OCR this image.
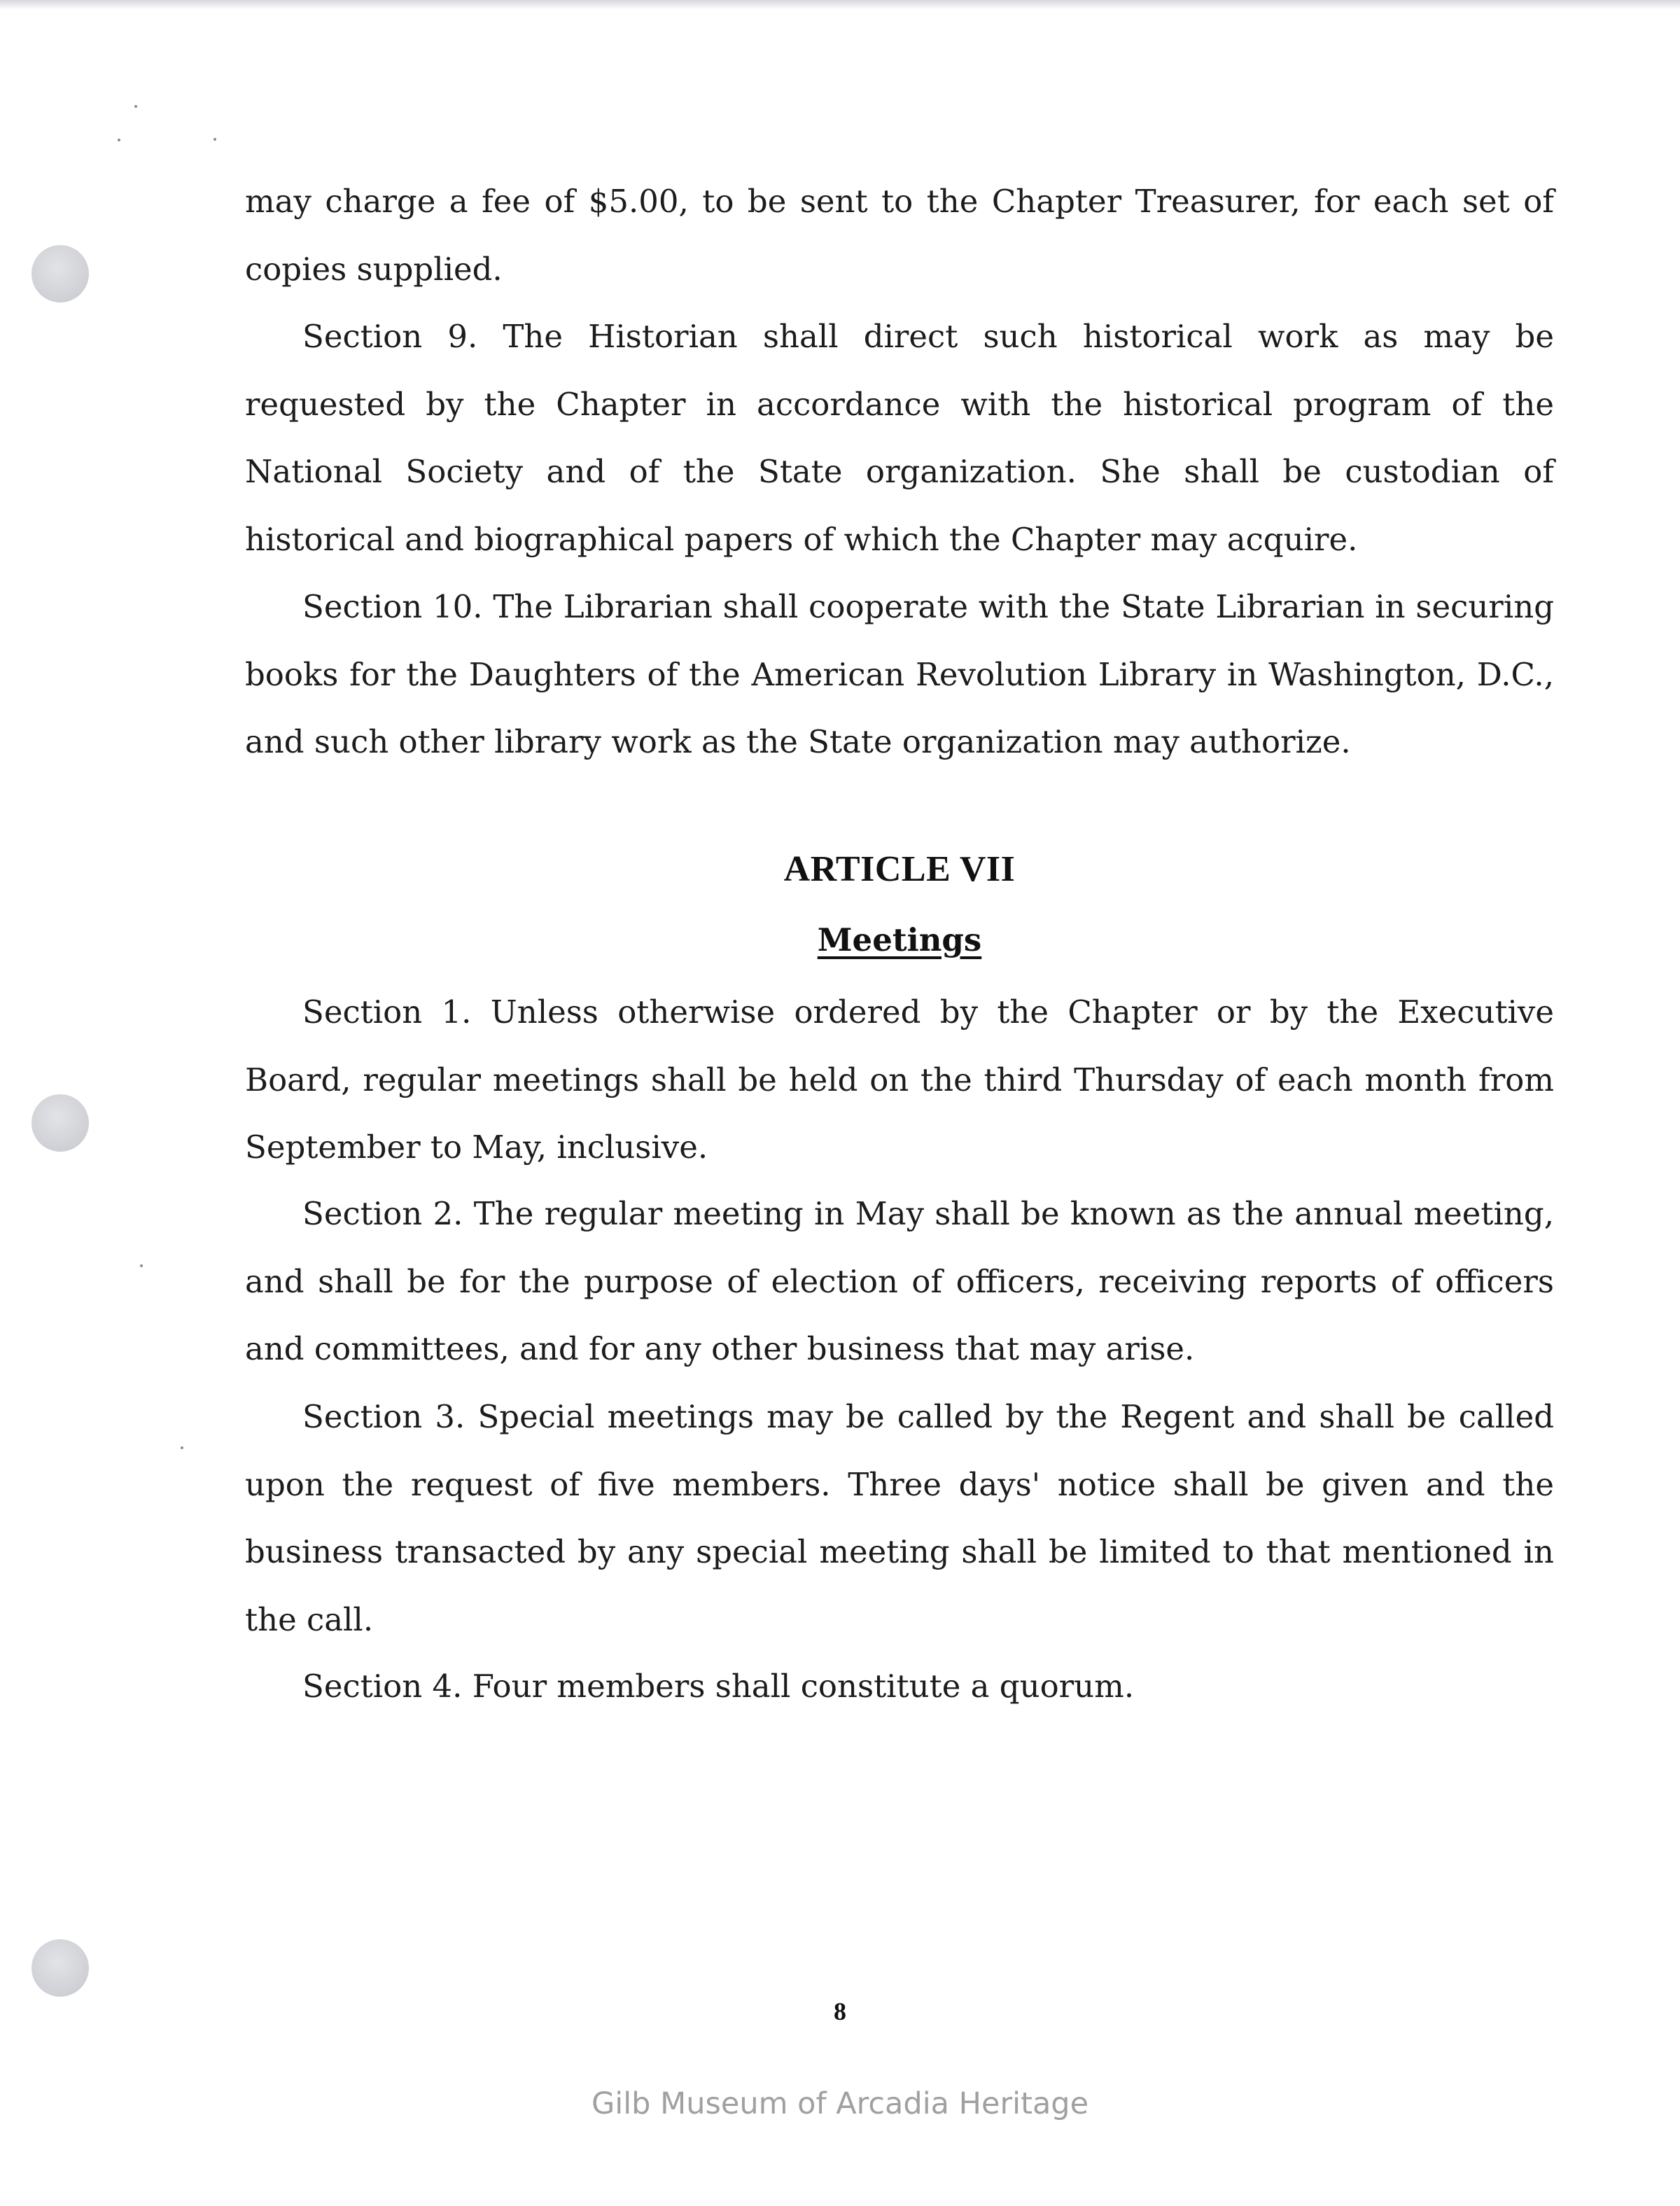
may charge a fee of $5.00, to be sent to the Chapter Treasurer, for each set of copies supplied.

Section 9. The Historian shall direct such historical work as may be requested by the Chapter in accordance with the historical program of the National Society and of the State organization. She shall be custodian of historical and biographical papers of which the Chapter may acquire.

Section 10. The Librarian shall cooperate with the State Librarian in securing books for the Daughters of the American Revolution Library in Washington, D.C., and such other library work as the State organization may authorize.

ARTICLE VII
Meetings

Section 1. Unless otherwise ordered by the Chapter or by the Executive Board, regular meetings shall be held on the third Thursday of each month from September to May, inclusive.

Section 2. The regular meeting in May shall be known as the annual meeting, and shall be for the purpose of election of officers, receiving reports of officers and committees, and for any other business that may arise.

Section 3. Special meetings may be called by the Regent and shall be called upon the request of five members. Three days' notice shall be given and the business transacted by any special meeting shall be limited to that mentioned in the call.

Section 4. Four members shall constitute a quorum.

8
Gilb Museum of Arcadia Heritage
